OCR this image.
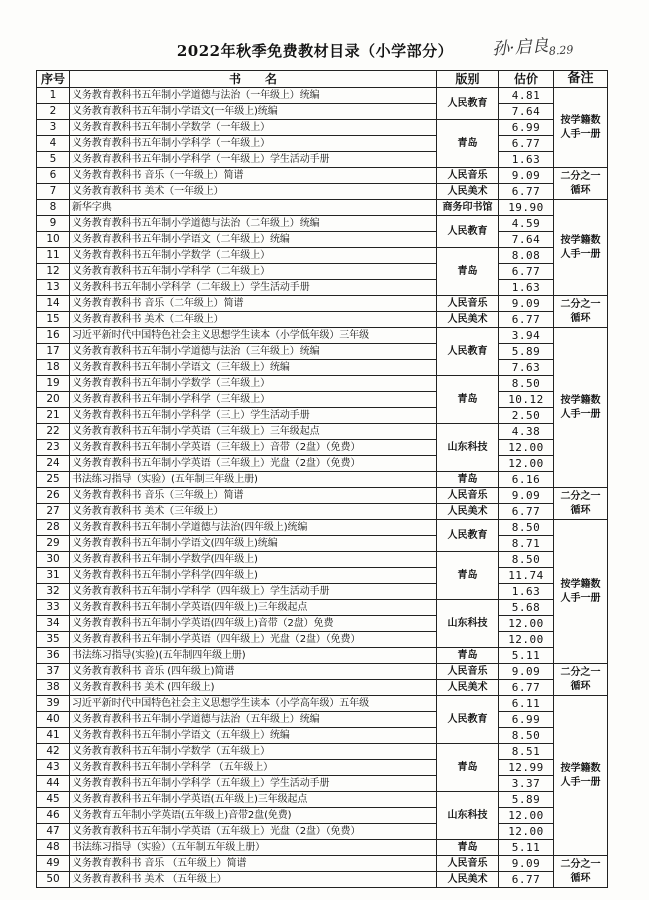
2022年秋季免费教材目录（小学部分）	孙·启良$_{8.29}$
序号	书　　名	版别	估价	备注
1	义务教育教科书五年制小学道德与法治（一年级上）统编	人民教育	4.81	按学籍数人手一册
2	义务教育教科书五年制小学语文(一年级上)统编		7.64	
3	义务教育教科书五年制小学数学（一年级上）	青岛	6.99	
4	义务教育教科书五年制小学科学（一年级上）		6.77	
5	义务教育教科书五年制小学科学（一年级上）学生活动手册		1.63	
6	义务教育教科书 音乐（一年级上）简谱	人民音乐	9.09	二分之一循环
7	义务教育教科书 美术（一年级上）	人民美术	6.77	
8	新华字典	商务印书馆	19.90	按学籍数人手一册
9	义务教育教科书五年制小学道德与法治（二年级上）统编	人民教育	4.59	
10	义务教育教科书五年制小学语文（二年级上）统编		7.64	
11	义务教育教科书五年制小学数学（二年级上）	青岛	8.08	
12	义务教育教科书五年制小学科学（二年级上）		6.77	
13	义务教科书五年制小学科学（二年级上）学生活动手册		1.63	
14	义务教育教科书 音乐（二年级上）简谱	人民音乐	9.09	二分之一循环
15	义务教育教科书 美术（二年级上）	人民美术	6.77	
16	习近平新时代中国特色社会主义思想学生读本（小学低年级）三年级	人民教育	3.94	按学籍数人手一册
17	义务教育教科书五年制小学道德与法治（三年级上）统编		5.89	
18	义务教育教科书五年制小学语文（三年级上）统编		7.63	
19	义务教育教科书五年制小学数学（三年级上）	青岛	8.50	
20	义务教育教科书五年制小学科学（三年级上）		10.12	
21	义务教育教科书五年制小学科学（三上）学生活动手册		2.50	
22	义务教育教科书五年制小学英语（三年级上）三年级起点	山东科技	4.38	
23	义务教育教科书五年制小学英语（三年级上）音带（2盘）（免费）		12.00	
24	义务教育教科书五年制小学英语（三年级上）光盘（2盘）（免费）		12.00	
25	书法练习指导（实验）(五年制三年级上册)	青岛	6.16	
26	义务教育教科书 音乐（三年级上）简谱	人民音乐	9.09	二分之一循环
27	义务教育教科书 美术（三年级上）	人民美术	6.77	
28	义务教育教科书五年制小学道德与法治(四年级上)统编	人民教育	8.50	按学籍数人手一册
29	义务教育教科书五年制小学语文(四年级上)统编		8.71	
30	义务教育教科书五年制小学数学(四年级上)	青岛	8.50	
31	义务教育教科书五年制小学科学(四年级上)		11.74	
32	义务教育教科书五年制小学科学（四年级上）学生活动手册		1.63	
33	义务教育教科书五年制小学英语(四年级上)三年级起点	山东科技	5.68	
34	义务教育教科书五年制小学英语(四年级上)音带（2盘）免费		12.00	
35	义务教育教科书五年制小学英语（四年级上）光盘（2盘）（免费）		12.00	
36	书法练习指导(实验)(五年制四年级上册)	青岛	5.11	
37	义务教育教科书 音乐 (四年级上)简谱	人民音乐	9.09	二分之一循环
38	义务教育教科书 美术 (四年级上)	人民美术	6.77	
39	习近平新时代中国特色社会主义思想学生读本（小学高年级）五年级	人民教育	6.11	按学籍数人手一册
40	义务教育教科书五年制小学道德与法治（五年级上）统编		6.99	
41	义务教育教科书五年制小学语文（五年级上）统编		8.50	
42	义务教育教科书五年制小学数学（五年级上）	青岛	8.51	
43	义务教育教科书五年制小学科学 （五年级上）		12.99	
44	义务教育教科书五年制小学科学（五年级上）学生活动手册		3.37	
45	义务教育教科书五年制小学英语(五年级上)三年级起点	山东科技	5.89	
46	义务教育五年制小学英语(五年级上)音带2盘(免费)		12.00	
47	义务教育教科书五年制小学英语（五年级上）光盘（2盘）（免费）		12.00	
48	书法练习指导（实验）（五年制五年级上册）	青岛	5.11	
49	义务教育教科书 音乐 （五年级上）简谱	人民音乐	9.09	二分之一循环
50	义务教育教科书 美术 （五年级上）	人民美术	6.77	
